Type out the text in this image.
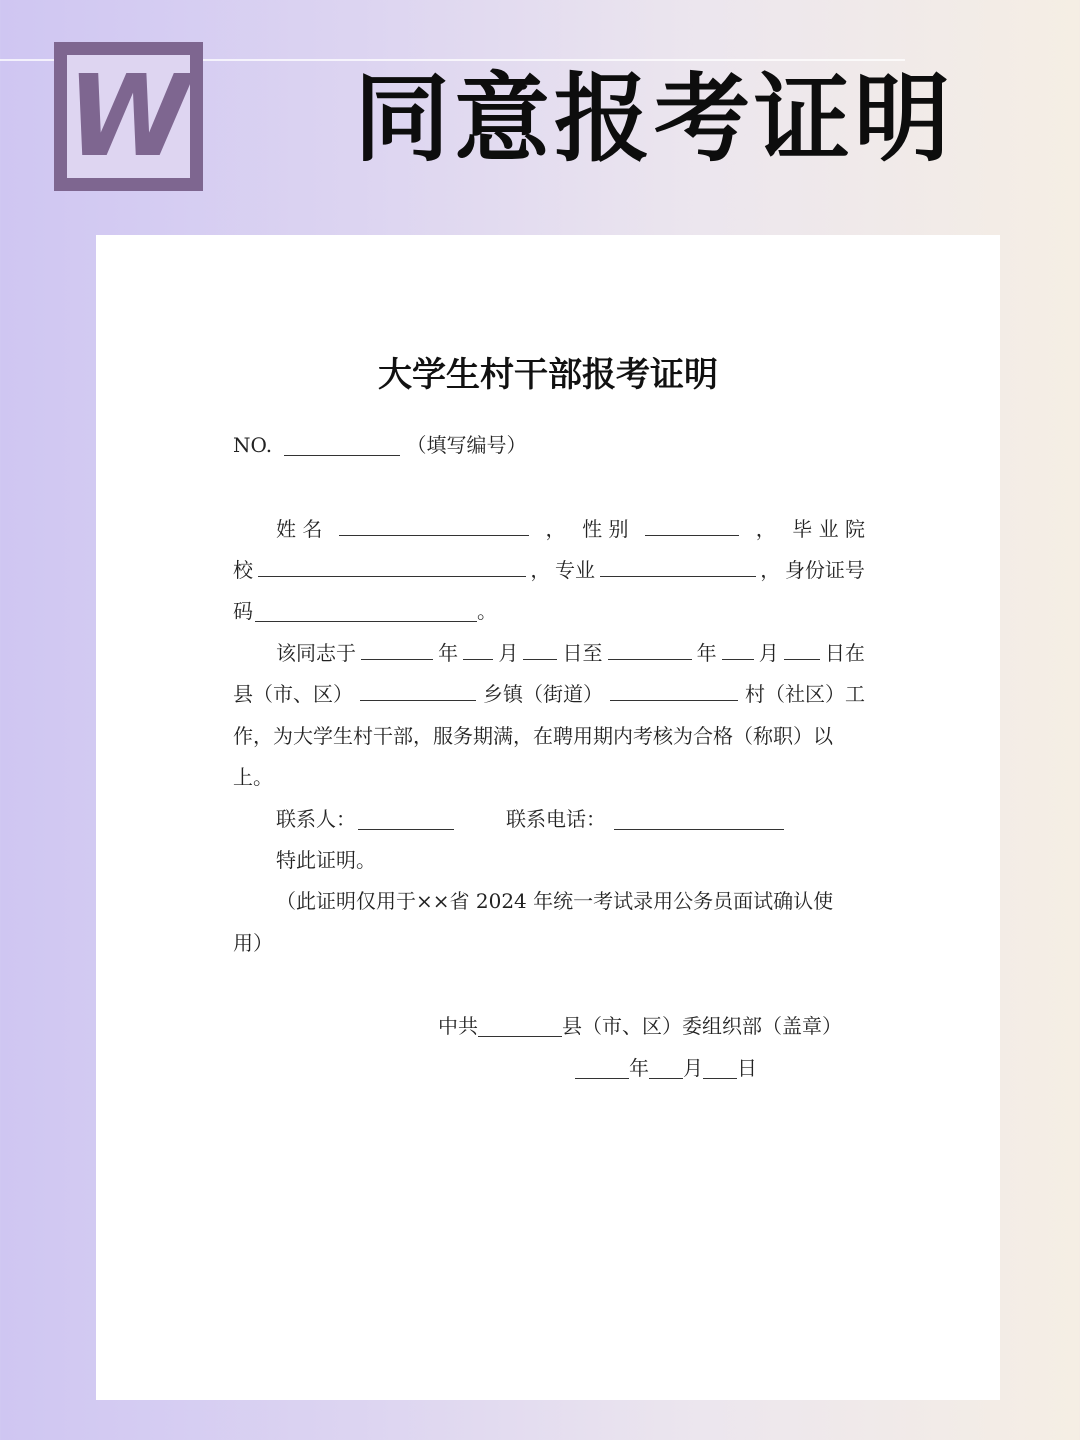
W 同意报考证明
大学生村干部报考证明
NO.	（填写编号）
姓 名	， 性 别	， 毕 业 院
校	， 专业	， 身份证号
码	。
该同志于	年 月 日至	年 月 日在
县（市、区）	乡镇（街道）	村（社区）工
作，为大学生村干部，服务期满，在聘用期内考核为合格（称职）以
上。
联系人：	联系电话：
特此证明。
（此证明仅用于××省 2024 年统一考试录用公务员面试确认使
用）
中共	县（市、区）委组织部（盖章）
年 月 日
